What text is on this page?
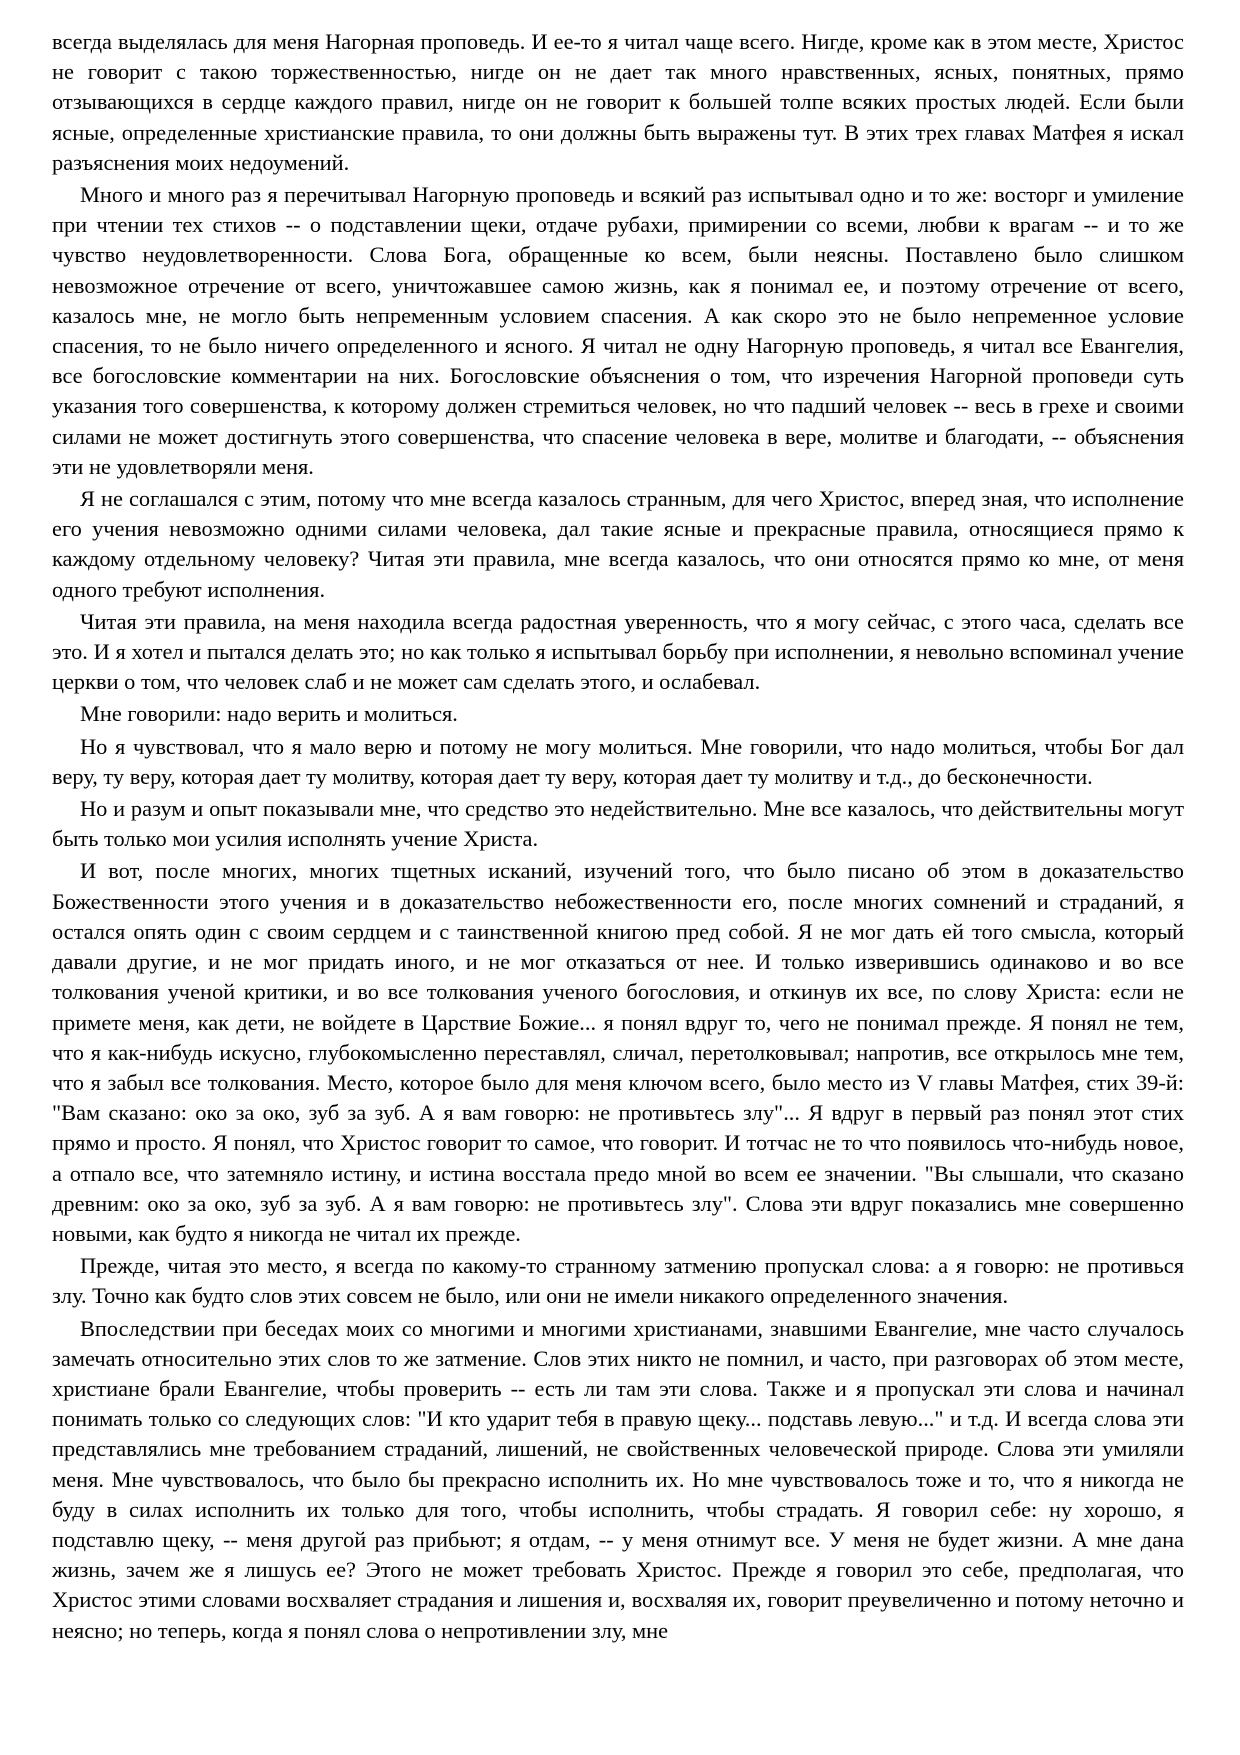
всегда выделялась для меня Нагорная проповедь. И ее-то я читал чаще всего. Нигде, кроме как в этом месте, Христос не говорит с такою торжественностью, нигде он не дает так много нравственных, ясных, понятных, прямо отзывающихся в сердце каждого правил, нигде он не говорит к большей толпе всяких простых людей. Если были ясные, определенные христианские правила, то они должны быть выражены тут. В этих трех главах Матфея я искал разъяснения моих недоумений.

Много и много раз я перечитывал Нагорную проповедь и всякий раз испытывал одно и то же: восторг и умиление при чтении тех стихов -- о подставлении щеки, отдаче рубахи, примирении со всеми, любви к врагам -- и то же чувство неудовлетворенности. Слова Бога, обращенные ко всем, были неясны. Поставлено было слишком невозможное отречение от всего, уничтожавшее самою жизнь, как я понимал ее, и поэтому отречение от всего, казалось мне, не могло быть непременным условием спасения. А как скоро это не было непременное условие спасения, то не было ничего определенного и ясного. Я читал не одну Нагорную проповедь, я читал все Евангелия, все богословские комментарии на них. Богословские объяснения о том, что изречения Нагорной проповеди суть указания того совершенства, к которому должен стремиться человек, но что падший человек -- весь в грехе и своими силами не может достигнуть этого совершенства, что спасение человека в вере, молитве и благодати, -- объяснения эти не удовлетворяли меня.

Я не соглашался с этим, потому что мне всегда казалось странным, для чего Христос, вперед зная, что исполнение его учения невозможно одними силами человека, дал такие ясные и прекрасные правила, относящиеся прямо к каждому отдельному человеку? Читая эти правила, мне всегда казалось, что они относятся прямо ко мне, от меня одного требуют исполнения.

Читая эти правила, на меня находила всегда радостная уверенность, что я могу сейчас, с этого часа, сделать все это. И я хотел и пытался делать это; но как только я испытывал борьбу при исполнении, я невольно вспоминал учение церкви о том, что человек слаб и не может сам сделать этого, и ослабевал.

Мне говорили: надо верить и молиться.

Но я чувствовал, что я мало верю и потому не могу молиться. Мне говорили, что надо молиться, чтобы Бог дал веру, ту веру, которая дает ту молитву, которая дает ту веру, которая дает ту молитву и т.д., до бесконечности.

Но и разум и опыт показывали мне, что средство это недействительно. Мне все казалось, что действительны могут быть только мои усилия исполнять учение Христа.

И вот, после многих, многих тщетных исканий, изучений того, что было писано об этом в доказательство Божественности этого учения и в доказательство небожественности его, после многих сомнений и страданий, я остался опять один с своим сердцем и с таинственной книгою пред собой. Я не мог дать ей того смысла, который давали другие, и не мог придать иного, и не мог отказаться от нее. И только изверившись одинаково и во все толкования ученой критики, и во все толкования ученого богословия, и откинув их все, по слову Христа: если не примете меня, как дети, не войдете в Царствие Божие... я понял вдруг то, чего не понимал прежде. Я понял не тем, что я как-нибудь искусно, глубокомысленно переставлял, сличал, перетолковывал; напротив, все открылось мне тем, что я забыл все толкования. Место, которое было для меня ключом всего, было место из V главы Матфея, стих 39-й: "Вам сказано: око за око, зуб за зуб. А я вам говорю: не противьтесь злу"... Я вдруг в первый раз понял этот стих прямо и просто. Я понял, что Христос говорит то самое, что говорит. И тотчас не то что появилось что-нибудь новое, а отпало все, что затемняло истину, и истина восстала предо мной во всем ее значении. "Вы слышали, что сказано древним: око за око, зуб за зуб. А я вам говорю: не противьтесь злу". Слова эти вдруг показались мне совершенно новыми, как будто я никогда не читал их прежде.

Прежде, читая это место, я всегда по какому-то странному затмению пропускал слова: а я говорю: не противься злу. Точно как будто слов этих совсем не было, или они не имели никакого определенного значения.

Впоследствии при беседах моих со многими и многими христианами, знавшими Евангелие, мне часто случалось замечать относительно этих слов то же затмение. Слов этих никто не помнил, и часто, при разговорах об этом месте, христиане брали Евангелие, чтобы проверить -- есть ли там эти слова. Также и я пропускал эти слова и начинал понимать только со следующих слов: "И кто ударит тебя в правую щеку... подставь левую..." и т.д. И всегда слова эти представлялись мне требованием страданий, лишений, не свойственных человеческой природе. Слова эти умиляли меня. Мне чувствовалось, что было бы прекрасно исполнить их. Но мне чувствовалось тоже и то, что я никогда не буду в силах исполнить их только для того, чтобы исполнить, чтобы страдать. Я говорил себе: ну хорошо, я подставлю щеку, -- меня другой раз прибьют; я отдам, -- у меня отнимут все. У меня не будет жизни. А мне дана жизнь, зачем же я лишусь ее? Этого не может требовать Христос. Прежде я говорил это себе, предполагая, что Христос этими словами восхваляет страдания и лишения и, восхваляя их, говорит преувеличенно и потому неточно и неясно; но теперь, когда я понял слова о непротивлении злу, мне
